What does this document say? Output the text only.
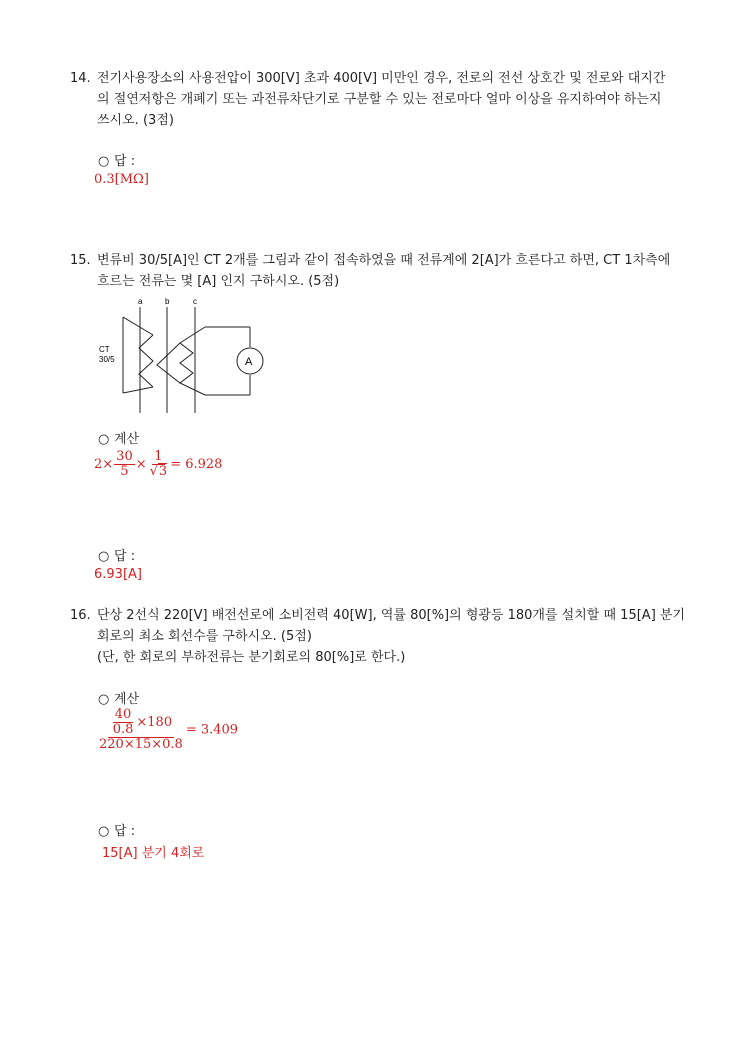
14. 전기사용장소의 사용전압이 300[V] 초과 400[V] 미만인 경우, 전로의 전선 상호간 및 전로와 대지간
의 절연저항은 개폐기 또는 과전류차단기로 구분할 수 있는 전로마다 얼마 이상을 유지하여야 하는지
쓰시오. (3점)
○ 답 :
0.3[MΩ]
15. 변류비 30/5[A]인 CT 2개를 그림과 같이 접속하였을 때 전류계에 2[A]가 흐른다고 하면, CT 1차측에
흐르는 전류는 몇 [A] 인지 구하시오. (5점)
a	b	c
CT
30/5	A
○ 계산
$2\times \frac{30}{5} \times \frac{1}{√3} = 6.928$
○ 답 :
6.93[A]
16. 단상 2선식 220[V] 배전선로에 소비전력 40[W], 역률 80[%]의 형광등 180개를 설치할 때 15[A] 분기
회로의 최소 회선수를 구하시오. (5점)
(단, 한 회로의 부하전류는 분기회로의 80[%]로 한다.)
○ 계산
$\frac{\frac{40}{0.8} \times 180}{220\times 15\times 0.8} = 3.409$
○ 답 :
15[A] 분기 4회로
